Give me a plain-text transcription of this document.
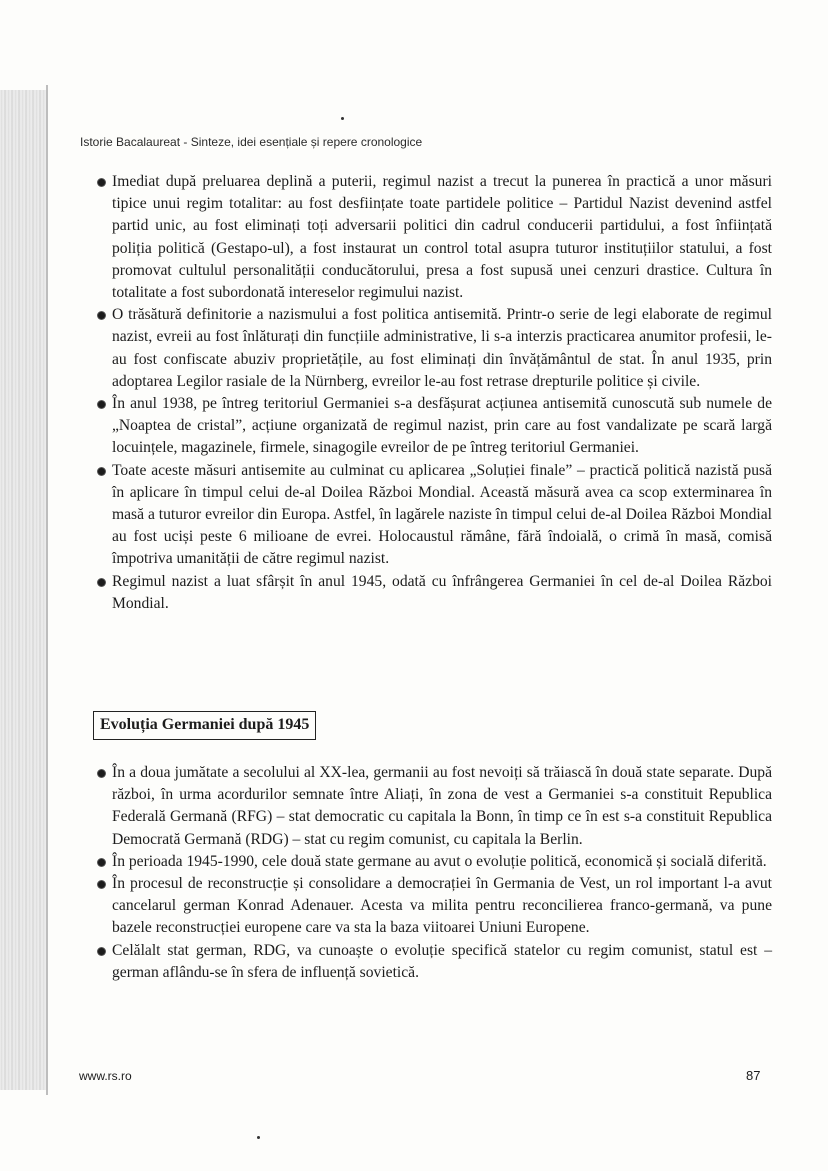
Istorie Bacalaureat - Sinteze, idei esențiale și repere cronologice

Imediat după preluarea deplină a puterii, regimul nazist a trecut la punerea în practică a unor măsuri tipice unui regim totalitar: au fost desființate toate partidele politice – Partidul Nazist devenind astfel partid unic, au fost eliminați toți adversarii politici din cadrul conducerii partidului, a fost înființată poliția politică (Gestapo-ul), a fost instaurat un control total asupra tuturor instituțiilor statului, a fost promovat cultulul personalității conducătorului, presa a fost supusă unei cenzuri drastice. Cultura în totalitate a fost subordonată intereselor regimului nazist.

O trăsătură definitorie a nazismului a fost politica antisemită. Printr-o serie de legi elaborate de regimul nazist, evreii au fost înlăturați din funcțiile administrative, li s-a interzis practicarea anumitor profesii, le-au fost confiscate abuziv proprietățile, au fost eliminați din învățământul de stat. În anul 1935, prin adoptarea Legilor rasiale de la Nürnberg, evreilor le-au fost retrase drepturile politice și civile.

În anul 1938, pe întreg teritoriul Germaniei s-a desfășurat acțiunea antisemită cunoscută sub numele de „Noaptea de cristal”, acțiune organizată de regimul nazist, prin care au fost vandalizate pe scară largă locuințele, magazinele, firmele, sinagogile evreilor de pe întreg teritoriul Germaniei.

Toate aceste măsuri antisemite au culminat cu aplicarea „Soluției finale” – practică politică nazistă pusă în aplicare în timpul celui de-al Doilea Război Mondial. Această măsură avea ca scop exterminarea în masă a tuturor evreilor din Europa. Astfel, în lagărele naziste în timpul celui de-al Doilea Război Mondial au fost uciși peste 6 milioane de evrei. Holocaustul rămâne, fără îndoială, o crimă în masă, comisă împotriva umanității de către regimul nazist.

Regimul nazist a luat sfârșit în anul 1945, odată cu înfrângerea Germaniei în cel de-al Doilea Război Mondial.

Evoluția Germaniei după 1945

În a doua jumătate a secolului al XX-lea, germanii au fost nevoiți să trăiască în două state separate. După război, în urma acordurilor semnate între Aliați, în zona de vest a Germaniei s-a constituit Republica Federală Germană (RFG) – stat democratic cu capitala la Bonn, în timp ce în est s-a constituit Republica Democrată Germană (RDG) – stat cu regim comunist, cu capitala la Berlin.

În perioada 1945-1990, cele două state germane au avut o evoluție politică, economică și socială diferită.

În procesul de reconstrucție și consolidare a democrației în Germania de Vest, un rol important l-a avut cancelarul german Konrad Adenauer. Acesta va milita pentru reconcilierea franco-germană, va pune bazele reconstrucției europene care va sta la baza viitoarei Uniuni Europene.

Celălalt stat german, RDG, va cunoaște o evoluție specifică statelor cu regim comunist, statul est – german aflându-se în sfera de influență sovietică.

www.rs.ro	87
